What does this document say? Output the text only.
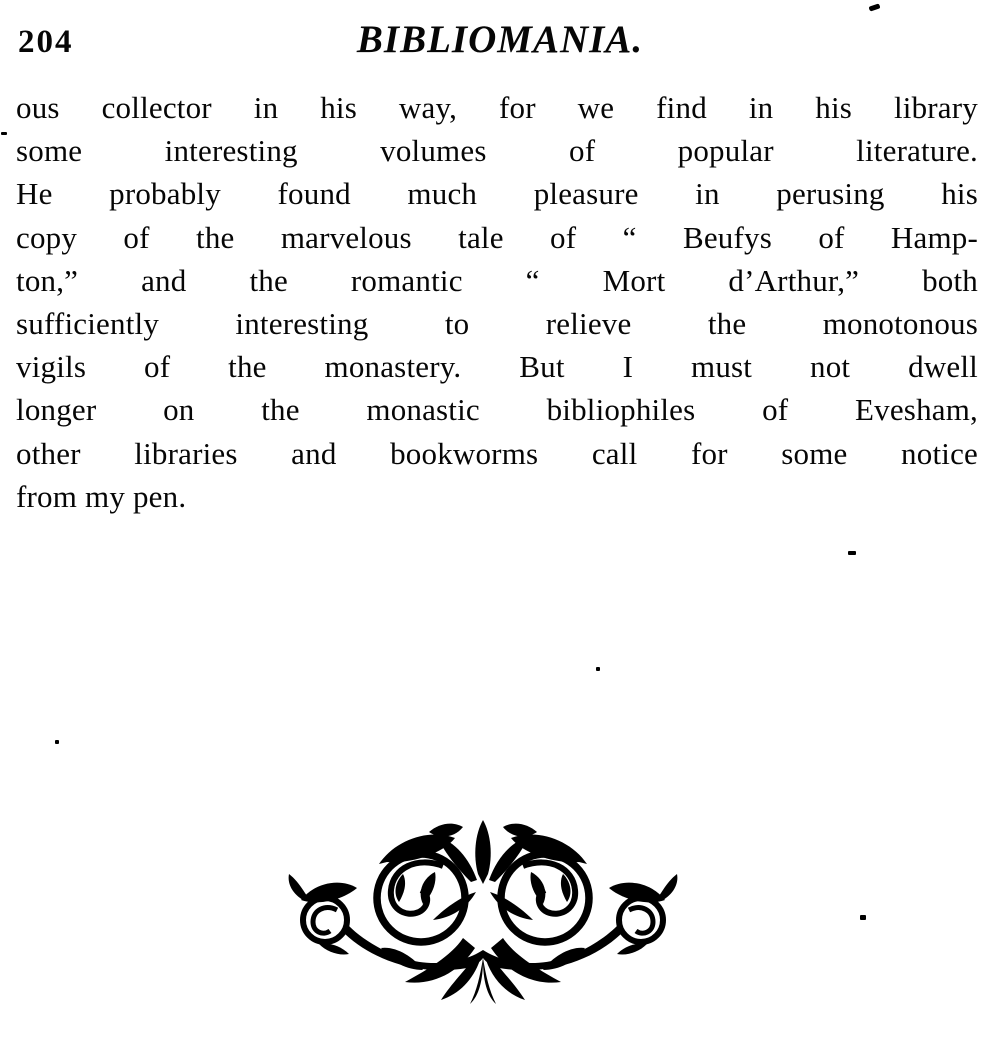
204	BIBLIOMANIA.
ous collector in his way, for we find in his library
some interesting volumes of popular literature.
He probably found much pleasure in perusing his
copy of the marvelous tale of “ Beufys of Hamp-
ton,” and the romantic “ Mort d’Arthur,” both
sufficiently interesting to relieve the monotonous
vigils of the monastery. But I must not dwell
longer on the monastic bibliophiles of Evesham,
other libraries and bookworms call for some notice
from my pen.
